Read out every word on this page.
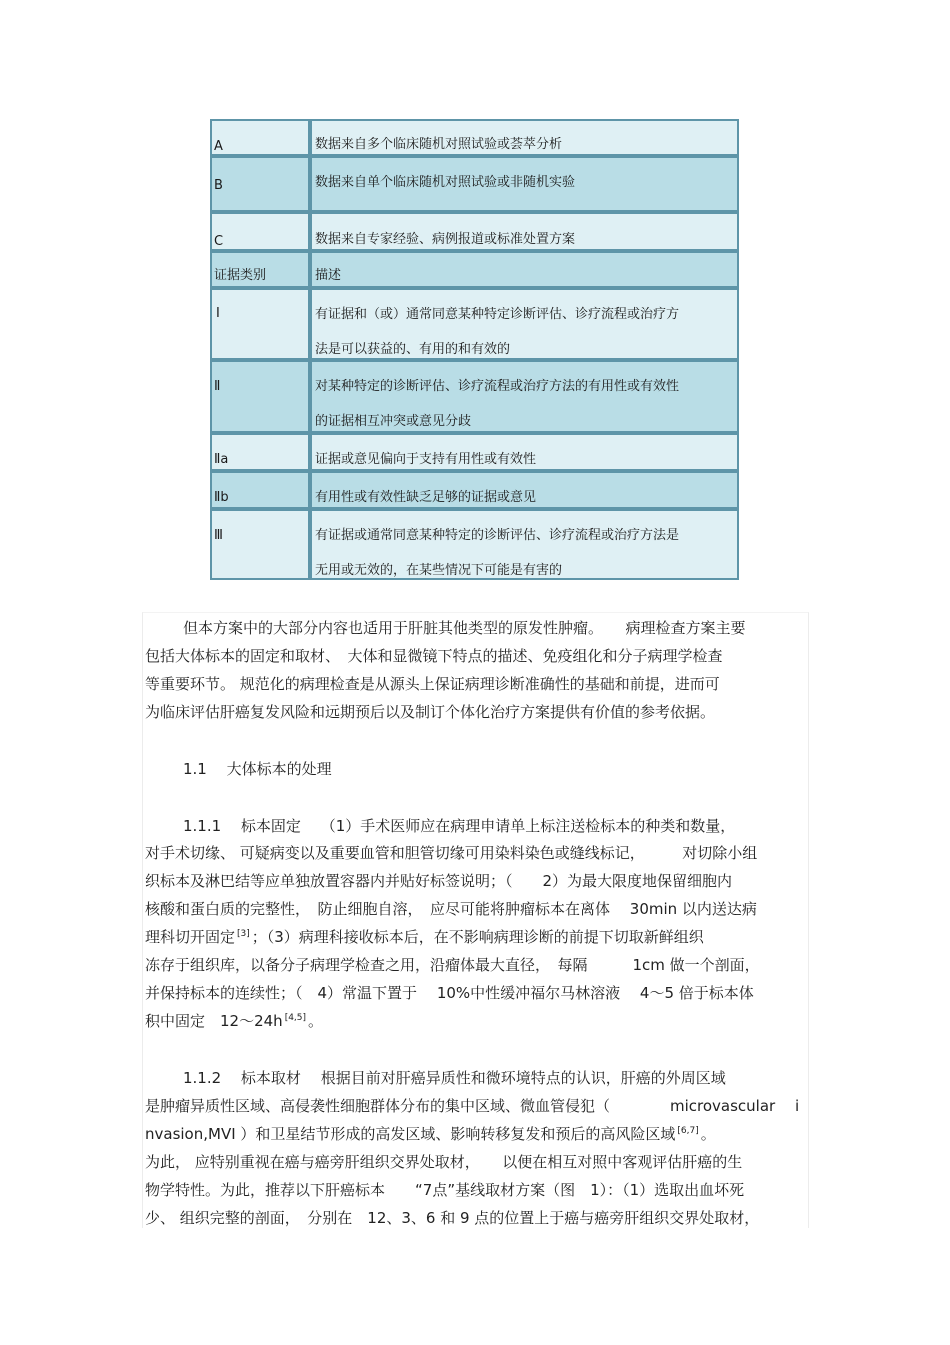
A	数据来自多个临床随机对照试验或荟萃分析
B	数据来自单个临床随机对照试验或非随机实验
C	数据来自专家经验、病例报道或标准处置方案
证据类别	描述
Ⅰ	有证据和（或）通常同意某种特定诊断评估、诊疗流程或治疗方
法是可以获益的、有用的和有效的
Ⅱ	对某种特定的诊断评估、诊疗流程或治疗方法的有用性或有效性
的证据相互冲突或意见分歧
Ⅱa	证据或意见偏向于支持有用性或有效性
Ⅱb	有用性或有效性缺乏足够的证据或意见
Ⅲ	有证据或通常同意某种特定的诊断评估、诊疗流程或治疗方法是
无用或无效的，在某些情况下可能是有害的
但本方案中的大部分内容也适用于肝脏其他类型的原发性肿瘤。　　病理检查方案主要
包括大体标本的固定和取材、　大体和显微镜下特点的描述、免疫组化和分子病理学检查
等重要环节。 规范化的病理检查是从源头上保证病理诊断准确性的基础和前提，进而可
为临床评估肝癌复发风险和远期预后以及制订个体化治疗方案提供有价值的参考依据。
1.1　 大体标本的处理
1.1.1　 标本固定　 （1）手术医师应在病理申请单上标注送检标本的种类和数量，
对手术切缘、 可疑病变以及重要血管和胆管切缘可用染料染色或缝线标记，　　　对切除小组
织标本及淋巴结等应单独放置容器内并贴好标签说明；（　　2）为最大限度地保留细胞内
核酸和蛋白质的完整性，　防止细胞自溶，　应尽可能将肿瘤标本在离体　 30min 以内送达病
理科切开固定 [3] ；（3）病理科接收标本后，在不影响病理诊断的前提下切取新鲜组织
冻存于组织库，以备分子病理学检查之用，沿瘤体最大直径，　每隔　　　1cm 做一个剖面，
并保持标本的连续性；（　4）常温下置于　 10%中性缓冲福尔马林溶液　 4～5 倍于标本体
积中固定　12～24h [4,5] 。
1.1.2　 标本取材　 根据目前对肝癌异质性和微环境特点的认识，肝癌的外周区域
是肿瘤异质性区域、高侵袭性细胞群体分布的集中区域、微血管侵犯（　　　　microvascular　 i
nvasion,MVI ）和卫星结节形成的高发区域、影响转移复发和预后的高风险区域 [6,7] 。
为此， 应特别重视在癌与癌旁肝组织交界处取材，　　以便在相互对照中客观评估肝癌的生
物学特性。为此，推荐以下肝癌标本　　“7点”基线取材方案（图　1）：（1）选取出血坏死
少、 组织完整的剖面，　分别在　12、3、6 和 9 点的位置上于癌与癌旁肝组织交界处取材，
